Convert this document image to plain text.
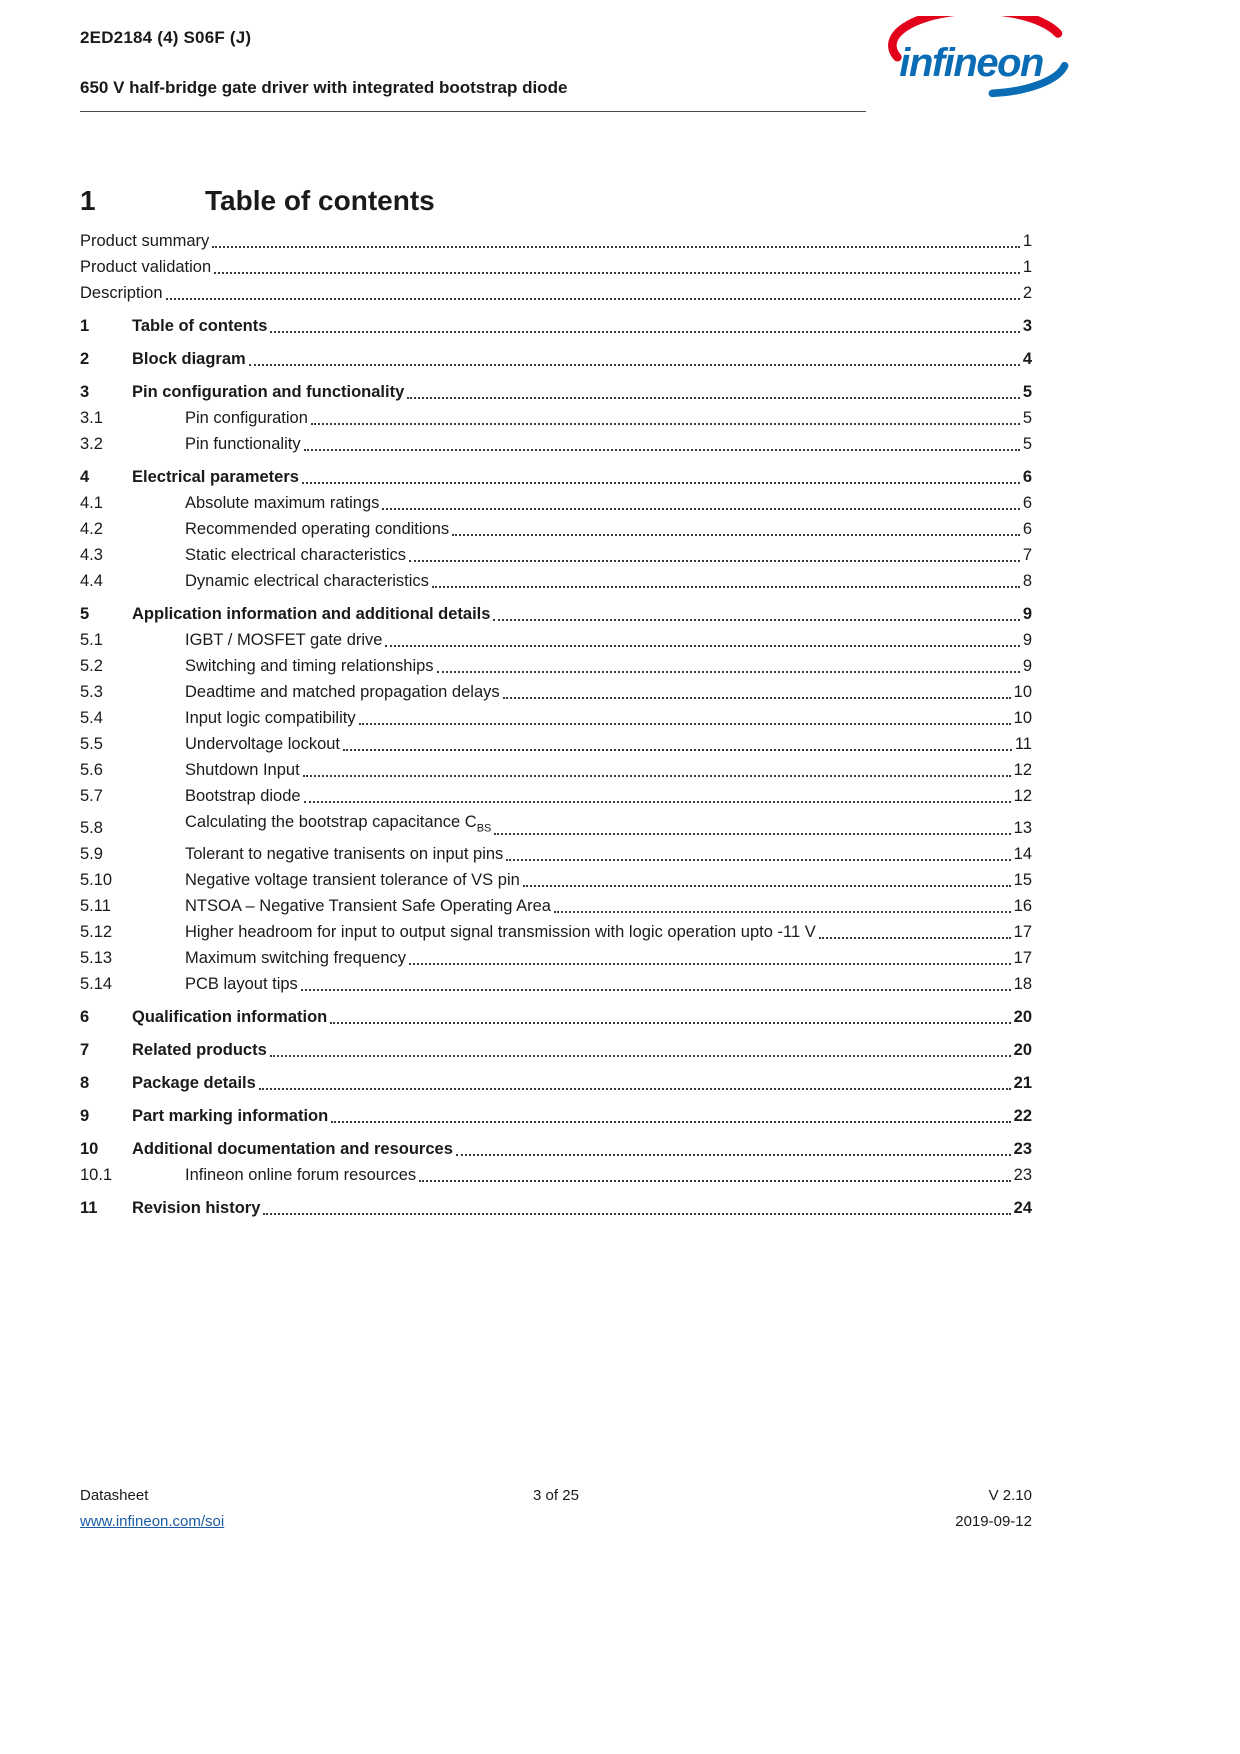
2ED2184 (4) S06F (J)
650 V half-bridge gate driver with integrated bootstrap diode
1	Table of contents
Product summary	1
Product validation	1
Description	2
1	Table of contents	3
2	Block diagram	4
3	Pin configuration and functionality	5
3.1	Pin configuration	5
3.2	Pin functionality	5
4	Electrical parameters	6
4.1	Absolute maximum ratings	6
4.2	Recommended operating conditions	6
4.3	Static electrical characteristics	7
4.4	Dynamic electrical characteristics	8
5	Application information and additional details	9
5.1	IGBT / MOSFET gate drive	9
5.2	Switching and timing relationships	9
5.3	Deadtime and matched propagation delays	10
5.4	Input logic compatibility	10
5.5	Undervoltage lockout	11
5.6	Shutdown Input	12
5.7	Bootstrap diode	12
5.8	Calculating the bootstrap capacitance $C_{BS}$	13
5.9	Tolerant to negative tranisents on input pins	14
5.10	Negative voltage transient tolerance of VS pin	15
5.11	NTSOA – Negative Transient Safe Operating Area	16
5.12	Higher headroom for input to output signal transmission with logic operation upto -11 V	17
5.13	Maximum switching frequency	17
5.14	PCB layout tips	18
6	Qualification information	20
7	Related products	20
8	Package details	21
9	Part marking information	22
10	Additional documentation and resources	23
10.1	Infineon online forum resources	23
11	Revision history	24
infineon
Datasheet
www.infineon.com/soi
3 of 25	V 2.10
2019-09-12
